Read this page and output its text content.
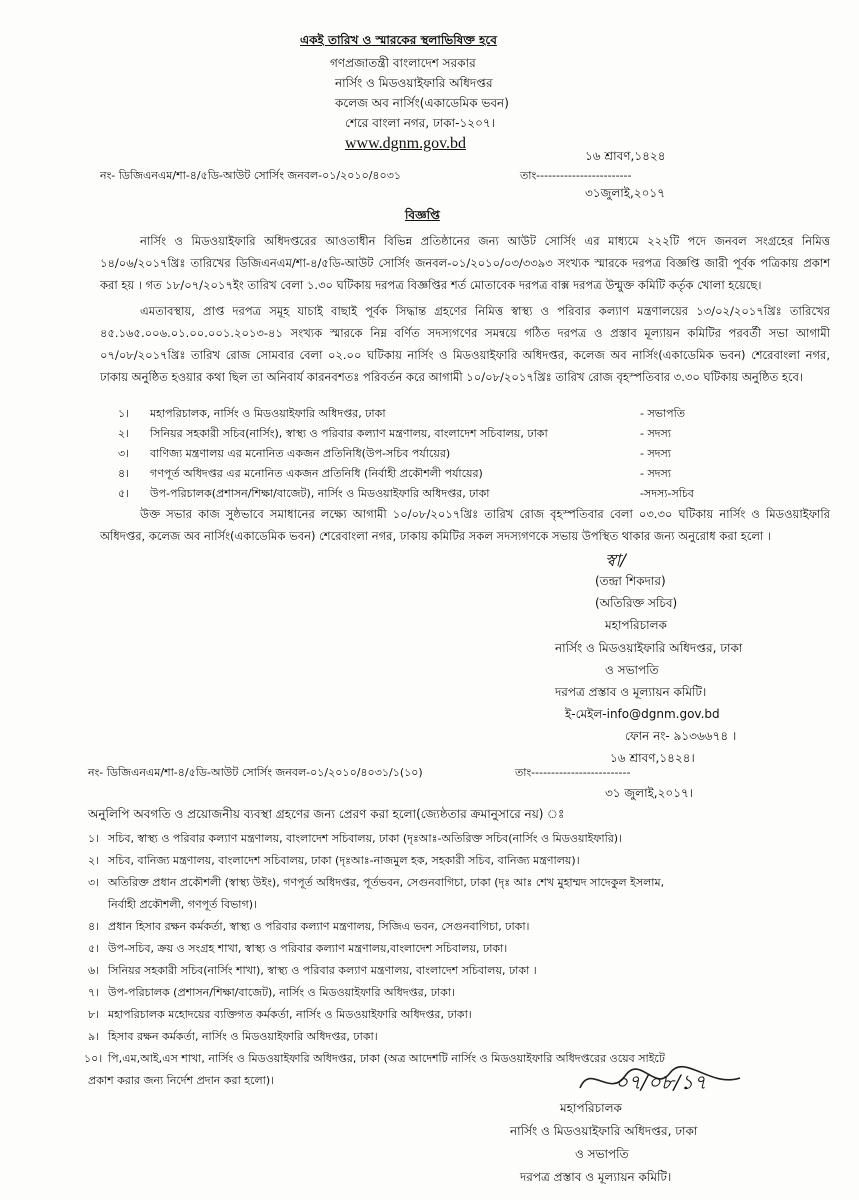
একই তারিখ ও স্মারকের স্থলাভিষিক্ত হবে
গণপ্রজাতন্ত্রী বাংলাদেশ সরকার
নার্সিং ও মিডওয়াইফারি অধিদপ্তর
কলেজ অব নার্সিং(একাডেমিক ভবন)
শেরে বাংলা নগর, ঢাকা-১২০৭।
www.dgnm.gov.bd
১৬ শ্রাবণ,১৪২৪
নং- ডিজিএনএম/শা-৪/৫ডি-আউট সোর্সিং জনবল-০১/২০১০/৪০৩১	তাং------------------------
৩১জুলাই,২০১৭
বিজ্ঞপ্তি
নার্সিং ও মিডওয়াইফারি অধিদপ্তরের আওতাধীন বিভিন্ন প্রতিষ্ঠানের জন্য আউট সোর্সিং এর মাধ্যমে ২২২টি পদে জনবল সংগ্রহের নিমিত্ত ১৪/০৬/২০১৭খ্রিঃ তারিখের ডিজিএনএম/শা-৪/৫ডি-আউট সোর্সিং জনবল-০১/২০১০/০৩/৩৩৯৩ সংখ্যক স্মারকে দরপত্র বিজ্ঞপ্তি জারী পূর্বক পত্রিকায় প্রকাশ করা হয় । গত ১৮/০৭/২০১৭ইং তারিখ বেলা ১.৩০ ঘটিকায় দরপত্র বিজ্ঞপ্তির শর্ত মোতাবেক দরপত্র বাক্স দরপত্র উন্মুক্ত কমিটি কর্তৃক খোলা হয়েছে।
এমতাবস্থায়, প্রাপ্ত দরপত্র সমূহ যাচাই বাছাই পূর্বক সিদ্ধান্ত গ্রহণের নিমিত্ত স্বাস্থ্য ও পরিবার কল্যাণ মন্ত্রণালয়ের ১৩/০২/২০১৭খ্রিঃ তারিখের ৪৫.১৬৫.০০৬.০১.০০.০০১.২০১৩-৪১ সংখ্যক স্মারকে নিম্ন বর্ণিত সদস্যগণের সমন্বয়ে গঠিত দরপত্র ও প্রস্তাব মূল্যায়ন কমিটির পরবর্তী সভা আগামী ০৭/০৮/২০১৭খ্রিঃ তারিখ রোজ সোমবার বেলা ০২.০০ ঘটিকায় নার্সিং ও মিডওয়াইফারি অধিদপ্তর, কলেজ অব নার্সিং(একাডেমিক ভবন) শেরেবাংলা নগর, ঢাকায় অনুষ্ঠিত হওয়ার কথা ছিল তা অনিবার্য কারনবশতঃ পরিবর্তন করে আগামী ১০/০৮/২০১৭খ্রিঃ তারিখ রোজ বৃহস্পতিবার ৩.৩০ ঘটিকায় অনুষ্ঠিত হবে।
১। মহাপরিচালক, নার্সিং ও মিডওয়াইফারি অধিদপ্তর, ঢাকা	- সভাপতি
২। সিনিয়র সহকারী সচিব(নার্সিং), স্বাস্থ্য ও পরিবার কল্যাণ মন্ত্রণালয়, বাংলাদেশ সচিবালয়, ঢাকা	- সদস্য
৩। বাণিজ্য মন্ত্রণালয় এর মনোনিত একজন প্রতিনিধি(উপ-সচিব পর্যায়ের)	- সদস্য
৪। গণপূর্ত অধিদপ্তর এর মনোনিত একজন প্রতিনিধি (নির্বাহী প্রকৌশলী পর্যায়ের)	- সদস্য
৫। উপ-পরিচালক(প্রশাসন/শিক্ষা/বাজেট), নার্সিং ও মিডওয়াইফারি অধিদপ্তর, ঢাকা	-সদস্য-সচিব
উক্ত সভার কাজ সুষ্ঠভাবে সমাধানের লক্ষ্যে আগামী ১০/০৮/২০১৭খ্রিঃ তারিখ রোজ বৃহস্পতিবার বেলা ০৩.৩০ ঘটিকায় নার্সিং ও মিডওয়াইফারি অধিদপ্তর, কলেজ অব নার্সিং(একাডেমিক ভবন) শেরেবাংলা নগর, ঢাকায় কমিটির সকল সদস্যগণকে সভায় উপস্থিত থাকার জন্য অনুরোধ করা হলো ।
স্বা/
(তন্দ্রা শিকদার)
(অতিরিক্ত সচিব)
মহাপরিচালক
নার্সিং ও মিডওয়াইফারি অধিদপ্তর, ঢাকা
ও সভাপতি
দরপত্র প্রস্তাব ও মূল্যায়ন কমিটি।
ই-মেইল-info@dgnm.gov.bd
ফোন নং- ৯১৩৬৬৭৪ ।
১৬ শ্রাবণ,১৪২৪।
নং- ডিজিএনএম/শা-৪/৫ডি-আউট সোর্সিং জনবল-০১/২০১০/৪০৩১/১(১০)	তাং-------------------------
৩১ জুলাই,২০১৭।
অনুলিপি অবগতি ও প্রয়োজনীয় ব্যবস্থা গ্রহণের জন্য প্রেরণ করা হলো(জ্যেষ্ঠতার ক্রমানুসারে নয়) ঃ
১। সচিব, স্বাস্থ্য ও পরিবার কল্যাণ মন্ত্রণালয়, বাংলাদেশ সচিবালয়, ঢাকা (দৃঃআঃ-অতিরিক্ত সচিব(নার্সিং ও মিডওয়াইফারি)।
২। সচিব, বানিজ্য মন্ত্রণালয়, বাংলাদেশ সচিবালয়, ঢাকা (দৃঃআঃ-নাজমুল হক, সহকারী সচিব, বানিজ্য মন্ত্রণালয়)।
৩। অতিরিক্ত প্রধান প্রকৌশলী (স্বাস্থ্য উইং), গণপূর্ত অধিদপ্তর, পূর্তভবন, সেগুনবাগিচা, ঢাকা (দৃঃ আঃ শেখ মুহাম্মদ সাদেকুল ইসলাম,
নির্বাহী প্রকৌশলী, গণপূর্ত বিভাগ)।
৪। প্রধান হিসাব রক্ষন কর্মকর্তা, স্বাস্থ্য ও পরিবার কল্যাণ মন্ত্রণালয়, সিজিএ ভবন, সেগুনবাগিচা, ঢাকা।
৫। উপ-সচিব, ক্রয় ও সংগ্রহ শাখা, স্বাস্থ্য ও পরিবার কল্যাণ মন্ত্রণালয়,বাংলাদেশ সচিবালয়, ঢাকা।
৬। সিনিয়র সহকারী সচিব(নার্সিং শাখা), স্বাস্থ্য ও পরিবার কল্যাণ মন্ত্রণালয়, বাংলাদেশ সচিবালয়, ঢাকা ।
৭। উপ-পরিচালক (প্রশাসন/শিক্ষা/বাজেট), নার্সিং ও মিডওয়াইফারি অধিদপ্তর, ঢাকা।
৮। মহাপরিচালক মহোদয়ের ব্যক্তিগত কর্মকর্তা, নার্সিং ও মিডওয়াইফারি অধিদপ্তর, ঢাকা।
৯। হিসাব রক্ষন কর্মকর্তা, নার্সিং ও মিডওয়াইফারি অধিদপ্তর, ঢাকা।
১০। পি,এম,আই,এস শাখা, নার্সিং ও মিডওয়াইফারি অধিদপ্তর, ঢাকা (অত্র আদেশটি নার্সিং ও মিডওয়াইফারি অধিদপ্তরের ওয়েব সাইটে
প্রকাশ করার জন্য নির্দেশ প্রদান করা হলো)।	০৭/০৮/১৭
মহাপরিচালক
নার্সিং ও মিডওয়াইফারি অধিদপ্তর, ঢাকা
ও সভাপতি
দরপত্র প্রস্তাব ও মূল্যায়ন কমিটি।
